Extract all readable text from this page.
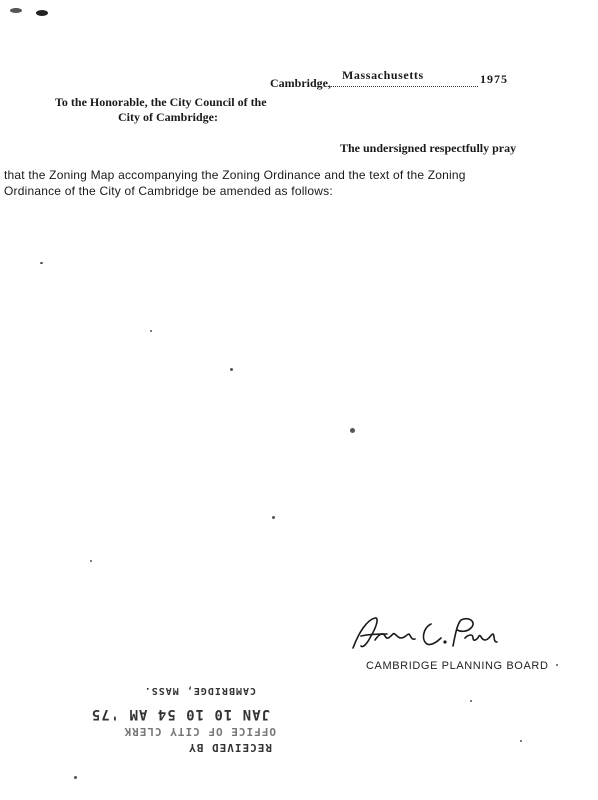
Cambridge,
Massachusetts	1975
To the Honorable, the City Council of the
City of Cambridge:
The undersigned respectfully pray
that the Zoning Map accompanying the Zoning Ordinance and the text of the Zoning
Ordinance of the City of Cambridge be amended as follows:
CAMBRIDGE PLANNING BOARD
RECEIVED BY
OFFICE OF CITY CLERK
JAN 10 10 54 AM '75
CAMBRIDGE, MASS.
